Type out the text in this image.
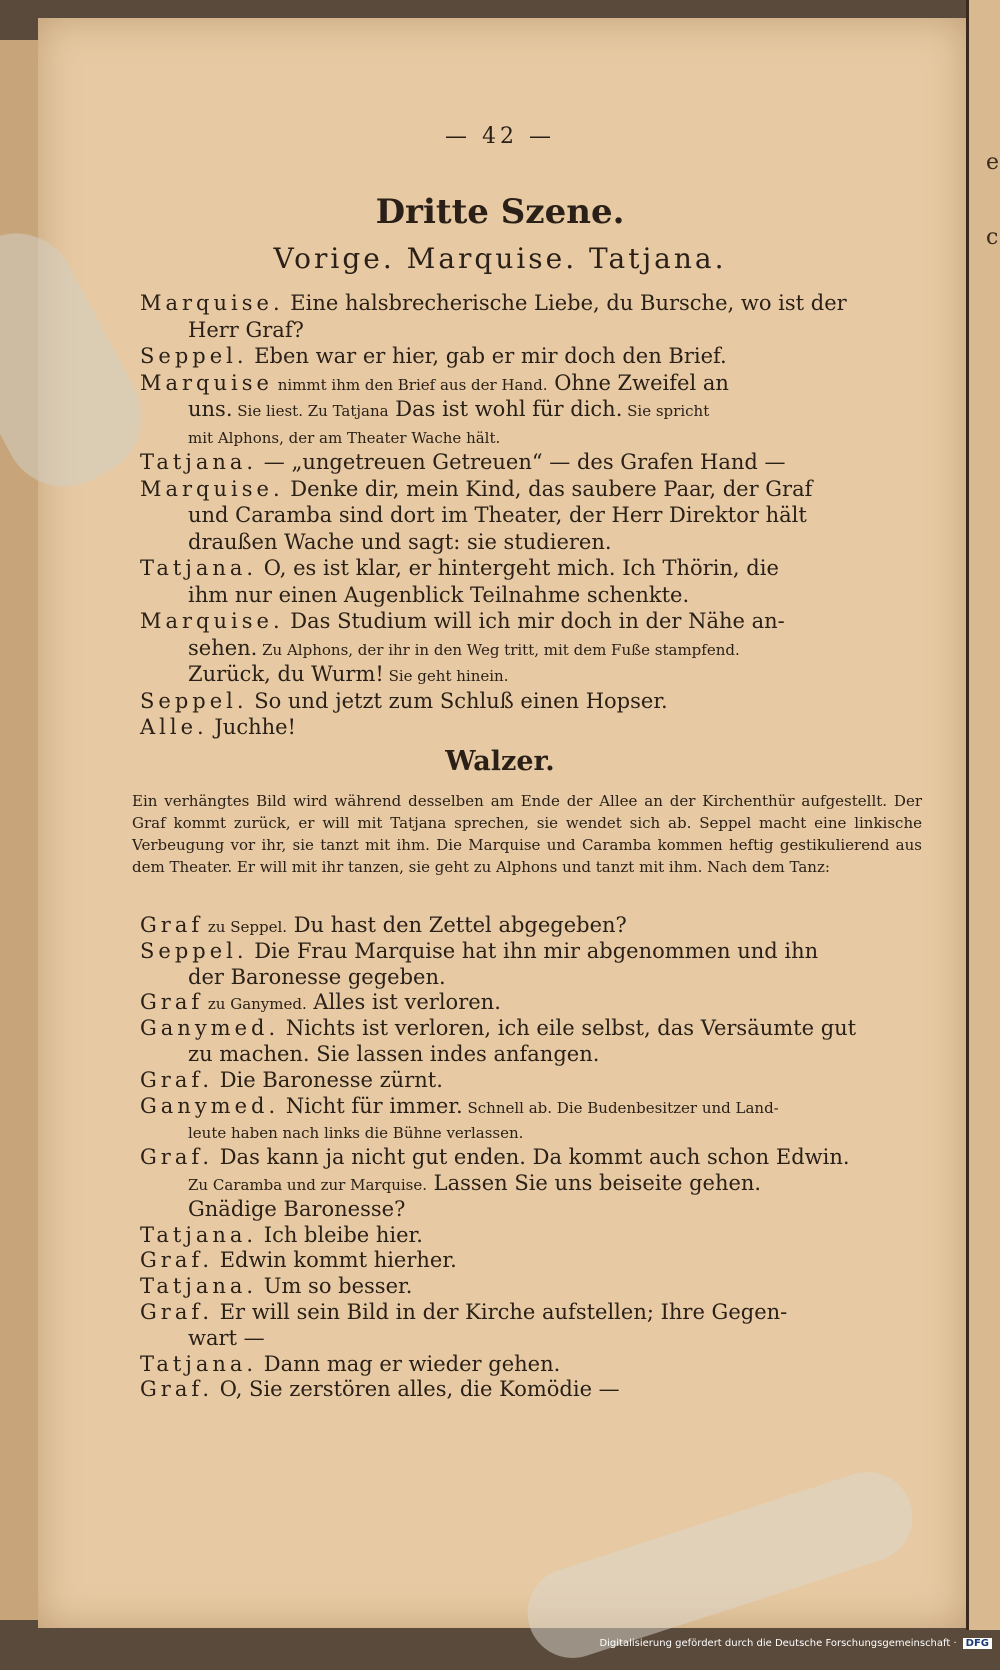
e
c
— 42 —
Dritte Szene.
Vorige. Marquise. Tatjana.
Marquise. Eine halsbrecherische Liebe, du Bursche, wo ist der
Herr Graf?
Seppel. Eben war er hier, gab er mir doch den Brief.
Marquise nimmt ihm den Brief aus der Hand. Ohne Zweifel an
uns. Sie liest. Zu Tatjana Das ist wohl für dich. Sie spricht
mit Alphons, der am Theater Wache hält.
Tatjana. — „ungetreuen Getreuen“ — des Grafen Hand —
Marquise. Denke dir, mein Kind, das saubere Paar, der Graf
und Caramba sind dort im Theater, der Herr Direktor hält
draußen Wache und sagt: sie studieren.
Tatjana. O, es ist klar, er hintergeht mich. Ich Thörin, die
ihm nur einen Augenblick Teilnahme schenkte.
Marquise. Das Studium will ich mir doch in der Nähe an-
sehen. Zu Alphons, der ihr in den Weg tritt, mit dem Fuße stampfend.
Zurück, du Wurm! Sie geht hinein.
Seppel. So und jetzt zum Schluß einen Hopser.
Alle. Juchhe!
Walzer.
Ein verhängtes Bild wird während desselben am Ende der Allee an der Kirchenthür aufgestellt. Der Graf kommt zurück, er will mit Tatjana sprechen, sie wendet sich ab. Seppel macht eine linkische Verbeugung vor ihr, sie tanzt mit ihm. Die Marquise und Caramba kommen heftig gestikulierend aus dem Theater. Er will mit ihr tanzen, sie geht zu Alphons und tanzt mit ihm. Nach dem Tanz:
Graf zu Seppel. Du hast den Zettel abgegeben?
Seppel. Die Frau Marquise hat ihn mir abgenommen und ihn
der Baronesse gegeben.
Graf zu Ganymed. Alles ist verloren.
Ganymed. Nichts ist verloren, ich eile selbst, das Versäumte gut
zu machen. Sie lassen indes anfangen.
Graf. Die Baronesse zürnt.
Ganymed. Nicht für immer. Schnell ab. Die Budenbesitzer und Land-
leute haben nach links die Bühne verlassen.
Graf. Das kann ja nicht gut enden. Da kommt auch schon Edwin.
Zu Caramba und zur Marquise. Lassen Sie uns beiseite gehen.
Gnädige Baronesse?
Tatjana. Ich bleibe hier.
Graf. Edwin kommt hierher.
Tatjana. Um so besser.
Graf. Er will sein Bild in der Kirche aufstellen; Ihre Gegen-
wart —
Tatjana. Dann mag er wieder gehen.
Graf. O, Sie zerstören alles, die Komödie —
Digitalisierung gefördert durch die Deutsche Forschungsgemeinschaft · DFG
